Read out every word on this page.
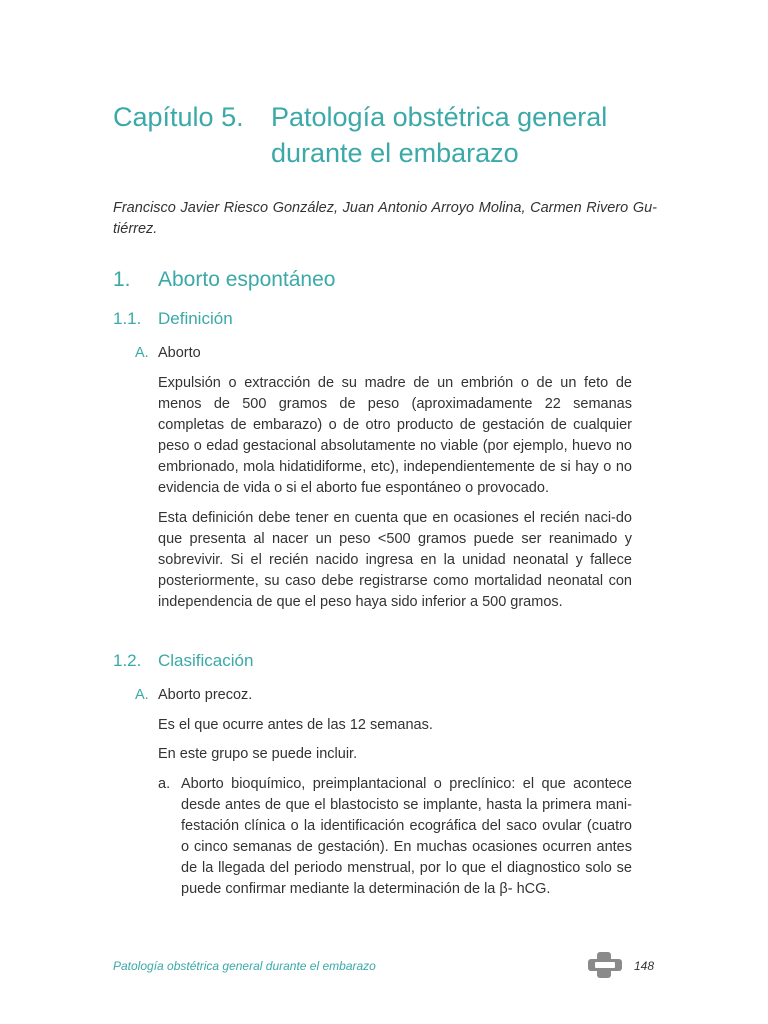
Capítulo 5. Patología obstétrica general
durante el embarazo

Francisco Javier Riesco González, Juan Antonio Arroyo Molina, Carmen Rivero Gu-tiérrez.

1. Aborto espontáneo
1.1. Definición
A. Aborto

Expulsión o extracción de su madre de un embrión o de un feto de menos de 500 gramos de peso (aproximadamente 22 semanas completas de embarazo) o de otro producto de gestación de cualquier peso o edad gestacional absolutamente no viable (por ejemplo, huevo no embrionado, mola hidatidiforme, etc), independientemente de si hay o no evidencia de vida o si el aborto fue espontáneo o provocado.

Esta definición debe tener en cuenta que en ocasiones el recién naci-do que presenta al nacer un peso <500 gramos puede ser reanimado y sobrevivir. Si el recién nacido ingresa en la unidad neonatal y fallece posteriormente, su caso debe registrarse como mortalidad neonatal con independencia de que el peso haya sido inferior a 500 gramos.

1.2. Clasificación
A. Aborto precoz.

Es el que ocurre antes de las 12 semanas.

En este grupo se puede incluir.

a. Aborto bioquímico, preimplantacional o preclínico: el que acontece desde antes de que el blastocisto se implante, hasta la primera mani-festación clínica o la identificación ecográfica del saco ovular (cuatro o cinco semanas de gestación). En muchas ocasiones ocurren antes de la llegada del periodo menstrual, por lo que el diagnostico solo se puede confirmar mediante la determinación de la β- hCG.

Patología obstétrica general durante el embarazo	148
